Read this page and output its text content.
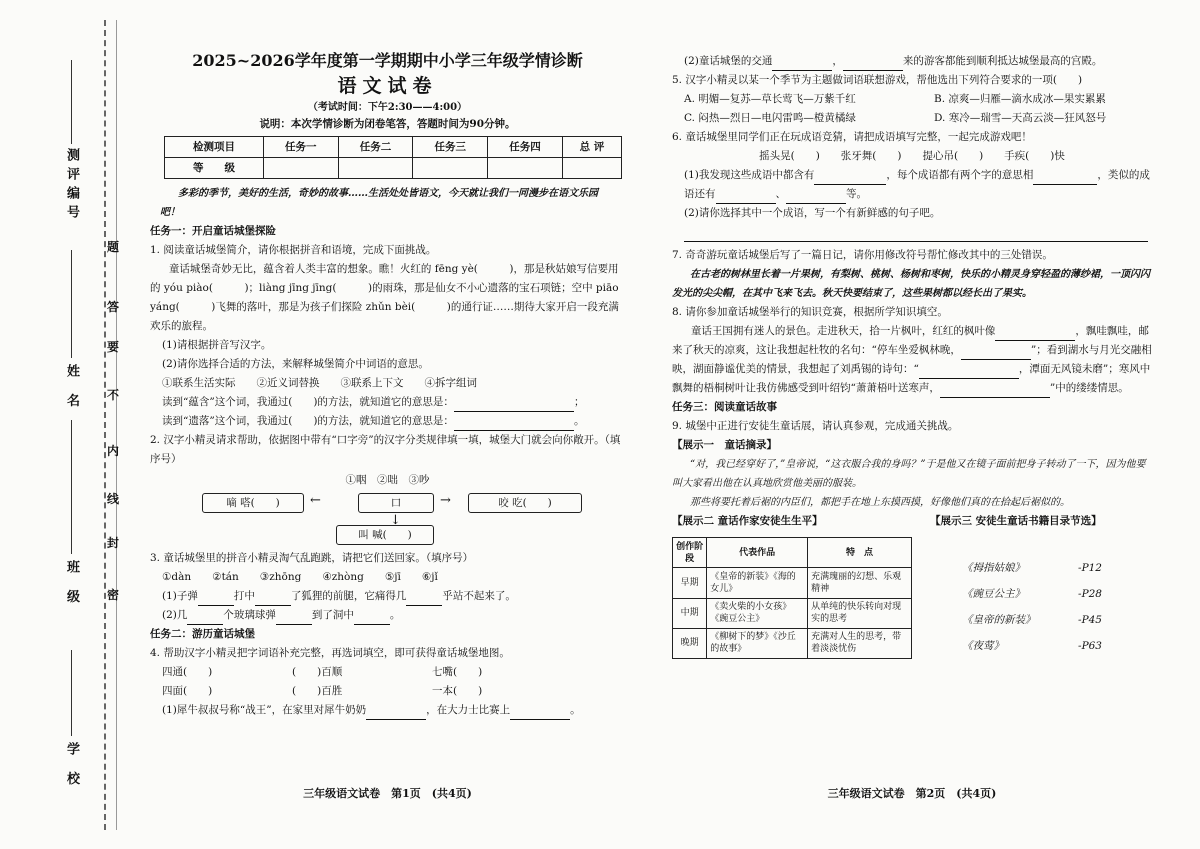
测评编号
姓 名
班 级
学 校
题
答
要
不
内
线
封
密
2025~2026学年度第一学期期中小学三年级学情诊断
语文试卷
（考试时间：下午2:30——4:00）
说明：本次学情诊断为闭卷笔答，答题时间为90分钟。
检测项目	任务一	任务二	任务三	任务四	总 评
等　　级					

多彩的季节，美好的生活，奇妙的故事……生活处处皆语文，今天就让我们一同漫步在语文乐园吧！

任务一：开启童话城堡探险

1. 阅读童话城堡简介，请你根据拼音和语境，完成下面挑战。

童话城堡奇妙无比，蕴含着人类丰富的想象。瞧！火红的 fēng yè(　　　)，那是秋姑娘写信要用的 yóu piào(　　　)；liàng jīng jīng(　　　)的雨珠，那是仙女不小心遗落的宝石项链；空中 piāo yáng(　　　)飞舞的落叶，那是为孩子们探险 zhǔn bèi(　　　)的通行证……期待大家开启一段充满欢乐的旅程。

(1)请根据拼音写汉字。

(2)请你选择合适的方法，来解释城堡简介中词语的意思。

①联系生活实际　　②近义词替换　　③联系上下文　　④拆字组词

读到“蕴含”这个词，我通过(　　)的方法，就知道它的意思是：	；

读到“遗落”这个词，我通过(　　)的方法，就知道它的意思是：	。

2. 汉字小精灵请求帮助，依据图中带有“口字旁”的汉字分类规律填一填，城堡大门就会向你敞开。（填序号）

①咽　②咄　③吵
嘀 嗒(　　)	←	口	→	咬 吃(　　)
↓
叫 喊(　　)

3. 童话城堡里的拼音小精灵淘气乱跑跳，请把它们送回家。（填序号）

①dàn　　②tán　　③zhōng　　④zhòng　　⑤jī　　⑥jǐ

(1)子弹	打中	了狐狸的前腿，它痛得几	乎站不起来了。

(2)几	个玻璃球弹	到了洞中	。

任务二：游历童话城堡

4. 帮助汉字小精灵把字词语补充完整，再选词填空，即可获得童话城堡地图。

四通(　　)	(　　)百顺	七嘴(　　)
四面(　　)	(　　)百胜	一本(　　)

(1)犀牛叔叔号称“战王”，在家里对犀牛奶奶	，在大力士比赛上	。

三年级语文试卷　第1页　(共4页)

(2)童话城堡的交通	，	来的游客都能到顺利抵达城堡最高的宫殿。

5. 汉字小精灵以某一个季节为主题做词语联想游戏，帮他选出下列符合要求的一项(　　)

A. 明媚—复苏—草长莺飞—万紫千红	B. 凉爽—归雁—滴水成冰—果实累累
C. 闷热—烈日—电闪雷鸣—橙黄橘绿	D. 寒冷—瑞雪—天高云淡—狂风怒号

6. 童话城堡里同学们正在玩成语竞猜，请把成语填写完整，一起完成游戏吧！

摇头晃(　　)　　张牙舞(　　)　　提心吊(　　)　　手疾(　　)快

(1)我发现这些成语中都含有	，每个成语都有两个字的意思相	，类似的成语还有	、	等。

(2)请你选择其中一个成语，写一个有新鲜感的句子吧。

7. 奇奇游玩童话城堡后写了一篇日记，请你用修改符号帮忙修改其中的三处错误。

在古老的树林里长着一片果树，有梨树、桃树、杨树和枣树，快乐的小精灵身穿轻盈的薄纱裙，一顶闪闪发光的尖尖帽，在其中飞来飞去。秋天快要结束了，这些果树都以经长出了果实。

8. 请你参加童话城堡举行的知识竞赛，根据所学知识填空。

童话王国拥有迷人的景色。走进秋天，拾一片枫叶，红红的枫叶像	，飘哇飘哇，邮来了秋天的凉爽，这让我想起杜牧的名句：“停车坐爱枫林晚，	”；看到湖水与月光交融相映，湖面静谧优美的情景，我想起了刘禹锡的诗句：“	，潭面无风镜未磨”；寒风中飘舞的梧桐树叶让我仿佛感受到叶绍钧“萧萧梧叶送寒声，	”中的缕缕情思。

任务三：阅读童话故事

9. 城堡中正进行安徒生童话展，请认真参观，完成通关挑战。

【展示一　童话摘录】

“对，我已经穿好了，”皇帝说，“这衣服合我的身吗？”于是他又在镜子面前把身子转动了一下，因为他要叫大家看出他在认真地欣赏他美丽的服装。

那些将要托着后裾的内臣们，都把手在地上东摸西摸，好像他们真的在拾起后裾似的。

【展示二 童话作家安徒生生平】	【展示三 安徒生童话书籍目录节选】
创作阶段	代表作品	特　点
早期	《皇帝的新装》《海的女儿》	充满瑰丽的幻想、乐观精神
中期	《卖火柴的小女孩》《豌豆公主》	从单纯的快乐转向对现实的思考
晚期	《柳树下的梦》《沙丘的故事》	充满对人生的思考，带着淡淡忧伤
《拇指姑娘》	-P12
《豌豆公主》	-P28
《皇帝的新装》	-P45
《夜莺》	-P63
三年级语文试卷　第2页　(共4页)
